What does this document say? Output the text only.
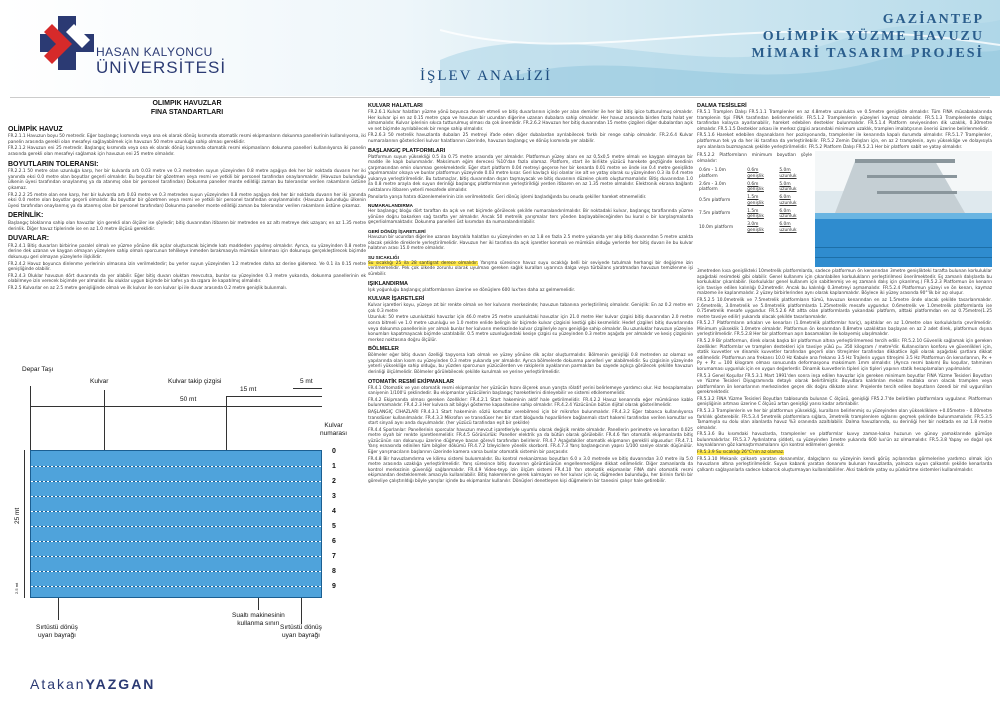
HASAN KALYONCU
ÜNİVERSİTESİ	İŞLEV ANALİZİ
GAZİANTEP
OLİMPİK YÜZME HAVUZU
MİMARİ TASARIM PROJESİ
OLİMPİK HAVUZLAR
FINA STANDARTLARI
OLİMPİK HAVUZ
FR.2.1.1 Havuzun boyu 50 metredir. Eğer başlangıç kısmında veya ona ek olarak dönüş kısmında otomatik resmi ekipmanların dokunma panellerinin kullanılıyorsa, iki panelin arasında gerekli olan mesafeyi sağlayabilmek için havuzun 50 metre uzunluğa sahip olması gereklidir.
FR.2.1.2 Havuzun eni 25 metredir. Başlangıç kısmında veya ona ek olarak dönüş kısmında otomatik resmi ekipmanların dokunma panelleri kullanılıyorsa iki panelin arasında gerekli olan mesafeyi sağlamak için havuzun eni 25 metre olmalıdır.
BOYUTLARIN TOLERANSI:
FR.2.2.1 50 metre olan uzunluğa karşı, her bir kulvarda artı 0.03 metre ve 0.3 metreden suyun yüzeyinden 0.8 metre aşağıya dek her bir noktada duvarın her iki yanında eksi 0.0 metre olan boyutlar geçerli olmalıdır. Bu boyutlar bir gözetmen veya resmi ve yetkili bir personel tarafından onaylanmalıdır. (Havuzun bulunduğu ülkenin üyesi tarafından onaylanmış ya da atanmış olan bir personel tarafından) Dokunma paneller monte edildiği zaman bu toleranslar verilen rakamların üstüne çıkamaz.
FR.2.2.2 25 metre olan ene karşı, her bir kulvarda artı 0.03 metre ve 0.3 metreden suyun yüzeyinden 0.8 metre aşağıya dek her bir noktada duvarın her iki yanında eksi 0.0 metre olan boyutlar geçerli olmalıdır. Bu boyutlar bir gözetmen veya resmi ve yetkili bir personel tarafından onaylanmalıdır. (Havuzun bulunduğu ülkenin üyesi tarafından onaylanmış ya da atanmış olan bir personel tarafından) Dokunma paneller monte edildiği zaman bu toleranslar verilen rakamların üstüne çıkamaz.
DERİNLİK:
Başlangıç bloklarına sahip olan havuzlar için gerekli olan ölçüler ise şöyledir; bitiş duvarından itibaren bir metreden en az altı metreye dek uzayan; en az 1.35 metre derinlik. Diğer havuz tiplerinde ise en az 1.0 metre ölçüsü gereklidir.
DUVARLAR:
FR.2.4.1 Bitiş duvarları birbirine paralel olmalı ve yüzme yönüne dik açılar oluşturacak biçimde katı maddeden yapılmış olmalıdır. Ayrıca, su yüzeyinden 0.8 metre derine dek uzanan ve kaygan olmayan yüzeylere sahip olmalı sporcunun tehlikeye inmeden bırakmasıyla mümkün kılınması için dokunuşu gerçekleştirecek biçimde dokunuşu geri olmayan yüzeylerle ilişkilidir.
FR.2.4.2 Havuz boyunca dinlenme yerlerinin olmasına izin verilmektedir; bu yerler suyun yüzeyinden 1.2 metreden daha az derine gidemez. Ve 0.1 ila 0.15 metre genişliğinde olabilir.
FR.2.4.3 Oluklar havuzun dört duvarında da yer alabilir. Eğer bitiş duvarı oluktan mevcutsa, bunlar su yüzeyinden 0.3 metre yukarıda, dokunma panellerinin ek olabilmeye izin verecek biçimde yer almalıdır. Bu oluklar uygun biçimde bir kafes ya da ızgara ile kapatılmış olmalıdır.
FR.2.5 Kulvarlar en az 2.5 metre genişliğinde olmalı ve ilk kulvar ile son kulvar ipi ile duvar arasında 0.2 metre genişlik bulunmalı.
Depar Taşı
Kulvar	Kulvar takip çizgisi
50 mt
15 mt
5 mt
Kulvar
numarası
25 mt
2.5 mt
0
1
2
3
4
5
6
7
8
9
Sırtüstü dönüş
uyarı bayrağı
Sualtı makinesinin
kullanma sınırı
Sırtüstü dönüş
uyarı bayrağı
KULVAR HALATLARI
FR.2.6.1 Kulvar halatları yüzme yönü boyunca devam etmeli ve bitiş duvarlarının içinde yer alan demirler ile her bir bitiş ipice tutturulmuş olmalıdır. Her kulvar ipi en az 0.15 metre çapa ve havuzun bir ucundan diğerine uzanan dubalara sahip olmalıdır. Her havuz arasında birden fazla halat yer almamalıdır. Kulvar iplerinin sıkıca tutturulmuş olması da çok önemlidir. FR.2.6.2 Havuzun her bitiş duvarından 15 metre çizgileri diğer dubalardan açık ve net biçimde ayrılabilecek bir renge sahip olmalıdır.
FR.2.6.3 50 metrelik havuzlarda dubaları 25 metreyi ifade eden diğer dubalardan ayrılabilecek farklı bir renge sahip olmalıdır. FR.2.6.4 Kulvar numaralarının göstericileri kulvar halatlarının üzerinde, havuzun başlangıç ve dönüş kısmında yer alabilir.
BAŞLANGIÇ PLATFORMLARI
Platformun suyun yüksekliği 0.5 ila 0.75 metre arasında yer almalıdır. Platformun yüzey alanı en az 0,5x0,5 metre olmalı ve kaygan olmayan bir madde ile kaplı bulunmalıdır. Maksimum eğim derecesi %10'dan fazla olamaz. Platform, start ile birlikte yüzücü harekete geçtiğinde kendinin çarpmasından emin olunması gerekmektedir. Eğer start platform 0.04 metreyi geçerse her bir kenarda 0.01 metre ve önde ise 0.4 metre genişlikte yapılmamalar olsaya ve bunlar platformun yüzeyinde 0.03 metre kısar. Geri kavlaçlı kişi olanlar ise alt ve yatay olarak su yüzeyinden 0.3 ila 0.4 metre yukarıya yerleştirilmelidir. Bu tutamaçlar, bitiş duvarından dışarı taşmayacak ve bitiş duvarının düzeine çıkıntı oluşturmamalıdır. Bitiş duvarından 1.0 ila 0.8 metre arayla dek suyun derinliği başlangıç platformlarının yerleştirildiği yerden itibaren en az 1.35 metre olmalıdır. Elektronik ekrana bağlantı noktalarını itibaren yeterli mesafede olmalıdır.
Panolarla yarışa hatıra düzenlemelerinin izin verilmektedir. Geri dönüş işlemi başladığında bu onuda şekiller hareket etmemelidir.
NUMARALANDIRMA
Her başlangıç bloğu dört taraftan da açık ve net biçimde görülecek şekilde numaralandırılmalıdır. Bir noktadaki kulvar, başlangıç taraflarında yüzme yönüne doğru bakarken sağ tarafta yer almalıdır. Ancak 50 metrelik yarışmalar ters yönden başlayabileceğinden bu kural o bir karşılaşmalarda geçerliolmamaktadır. Dokunma panelleri üst kısımdan da numaralandırılabilir.
GERİ DÖNÜŞ İŞARETLERİ
Havuzun bir ucundan diğerine uzanan bayrakla halatları su yüzeyinden en az 1.8 en fazla 2.5 metre yukarıda yer alıp bitiş duvarından 5 metre uzakta olacak şekilde direklerle yerleştirilmelidir. Havuzun her iki tarafına da açık işaretler konmalı ve mümkün olduğu yerlerde her bitiş duvarı ile bu kulvar halatının arası 15.0 metre olmalıdır.
SU SICAKLIĞI
Su sıcaklığı 25 ila 28 santigrat derece olmalıdır. Yarışma süresince havuz suyu sıcaklığı belli bir seviyede tutulmalı herhangi bir değişime izin verilmemelidir. Pek çok ülkede zorunlu olarak uyulması gereken sağlık kuralları uyarınca dalga veya türbülans yaratmadan havuzun temizlenme işi sürebilir.
IŞIKLANDIRMA
Işık yoğunluğu başlangıç platformlarının üzerine ve dönüşlere 600 lux'ten daha az gelmemelidir.
KULVAR İŞARETLERİ
Kulvar işaretleri koyu, yüzeye zıt bir renkte olmalı ve her kulvarın merkezinde; havuzun tabanına yerleştirilmiş olmalıdır. Genişlik: En az 0.2 metre en çok 0.3 metre
Uzunluk: 50 metre uzunluktaki havuzlar için 46.0 metre 25 metre uzunluktaki havuzlar için 21.0 metre Her kulvar çizgisi bitiş duvarından 2.0 metre sonra bitmeli ve 1.0 metre uzunluğu ve 1.0 metre enlide belirgin bir biçimde kulvar çizgisini kestiği gibi kesmelidir. Hedef çizgileri bitiş duvarlarında veya dokunma panellerinin yer almalı bunlar her kulvarın merkezinde kulvar çizgileriyle aynı genişliğe sahip olmalıdır. Bu uzunluklar havuzun yüzeyine konumları kapatmayacak biçimde uzatılabilir. 0.5 metre uzunluğundaki kesişe çizgisi su yüzeyinden 0.3 metre aşağıda yer almalıdır ve kesiş çizgisinin merkez noktasına doğru ölçülür.
BÖLMELER
Bölmeler eğer bitiş duvarı özelliği taşıyorsa katı olmalı ve yüzey yönüne dik açılar oluşturmalıdır. Bölmenin genişliği 0.8 metreden az olamaz ve yapılarında olan kısım su yüzeyinden 0.3 metre yukarıda yer almalıdır. Ayrıca bölmelerde dokunma panelleri yer alabilmelidir. Su çizgisinin yüzeyinde yeterli yüksekliğe sahip olduğu, bu yüzden sporcunun yüzücülerden ve rakiplerin ayaklarının parmakları bu sayede açıkça görülecek şekilde havuzun derinliği ölçülmelidir. Bölmeler görülebilecek şekilde kurulmalı ve yerine yerleştirilmelidir.
OTOMATİK RESMİ EKİPMANLAR
FR.4.1 Otomatik ve yarı otomatik resmi ekipmanlar her yüzücün hızını ölçerek onun yarışta rölatif yerini belirlemeye yardımcı olur. Hız hesaplamaları saniyenin 1/100'ü şeklindedir. Bu ekipmanlar yüzücülerin başlangıç hareketlerini dinleyebilir ve sistemi etkilememelidir.
FR.4.2 Ekipmanda olması gereken özellikler: FR.4.2.1 Start hakeminin aktif hale getirilmelidir. FR.4.2.2 Havuz kenarında eğer mümkünse kablo bulunmamalıdır. FR.4.2.3 Her kulvara ait bilgiyi gösterme kapasitesine sahip olmalıdır. FR.4.2.4 Yüzücünün bütün dijital olarak gösterilmelidir.
BAŞLANGIÇ CİHAZLARI FR.4.3.1 Start hakeminin sözlü komutlar verebilmesi için bir mikrofon bulunmalıdır. FR.4.3.2 Eğer tabanca kullanılıyorsa transdüser kullanılmalıdır. FR.4.3.3 Mikrofon ve transdüser her bir start bloğunda hoparlörlere bağlanmalı start hakemi tarafından verilen komutlar ve start sinyali aynı anda duyulmalıdır. (her yüzücü tarafından eşit bir şekilde)
FR.4.4 Sporlanlar: Panellerinin sporcular havuzun mevcut işaretleriyle uyumlu olarak değişik renkte olmalıdır. Panellerin perimetre ve kenarları 0.025 metre siyah bir renkte işaretlenmelidir. FR.4.5 Görünürlük: Paneller elektrik ya da bütün olarak görülebilir. FR.4.6 Yarı otomatik ekipmanlarda bitiş yüzücünün son dokunuşu üzerine düğmeye basan görevli tarafından belirlenir. FR.4.7 Aşağıdakiler otomatik ekipmanın gereklili olgusudur: FR.4.7.1 Yarış esnasında edinilen tüm bilgiler dökümü FR.4.7.2 İzleyicilere yönelik skorbord. FR.4.7.3 Yarış başlangıcının yapısı 1/100 saniye olarak düşünülür. Eğer yarışmacıların başlarının üzerinde kamera varsa bunlar otomatik sistemin bir parçasıdır.
FR.4.8 Bir havuzlamdırma ve kilimu sistemi bulunmalıdır. Bu kontrol mekanizması boyutları 6.0 x 3.0 metrede ve bitiş duvarından 3.0 metre ila 5.0 metre arasında uzaklığa yerleştirilmelidir. Yarış süresince bitiş duvarının görüntüsünün engellenmediğine dikkat edilmelidir. Diğer zamanlarda da kontrol merkezinin güvenliği sağlanmalıdır. FR.4.9 Video-teyp izin ölçüm sistemi FR.4.10 Yarı otomatik ekipmanlar FINA dahi otomatik resmi ekipmandan desteklenmek amacıyla kullanılabilir. Bitiş hakemlerine gerek kalmayan ve her kulvar için üç düğmeden bulunduğu, her birinin farklı bir görevliye çalıştırıldığı böyle yarışlar içinde bu ekipmanlar kullanılır. Dönüşleri denetleyen kişi düğmelerin bir tanesini çalışır hale getirebilir.
DALMA TESİSLERİ
FR.5.1 Tramplen Dalışı FR.5.1.1 Tramplenler en az 4.8metre uzunlukta ve 0.5metre genişlikte olmalıdır. Tüm FINA müsabakalarında tramplenin tipi FINA tarafından belirlenmelidir. FR.5.1.2 Tramplenlerin yüzeyleri kaymaz olmalıdır. FR.5.1.3 Tramplenlerde dalgıç tarafından kolayca ayarlanabilir, hareket edebilen destekler bulunmalıdır. FR.5.1.4 Platform seviyesinden dik uzaklık, 0.30metre olmalıdır. FR.5.1.5 Destekler arkası ile merkez çizgisi arasındaki minimum uzaklık, tramplen imalatçısının önerisi üzerine belirlenmelidir.
FR.5.1.6 Hareket edebilen dayanakların her pozisyonunda, tramplenler ile kenarında kapalı durumda olmalıdır. FR.5.1.7 Tramplenler, platformun tek ya da her iki tarafına da yerleştirilebilir. FR.5.2 Zemin Dalışları için, en az 2 tramplenin, aynı yüksekliğe ve dolayısıyla aynı alanlara buzmayacak şekilde yerleştirilmelidir. FR.5.2 Platform Dalışı FR.5.2.1 Her bir platform sabit ve yatay olmalıdır.
FR.5.2.2 Platformların minimum boyutları şöyle olmalıdır:
0.6m - 1.0m platform	0.6m genişlik	5.0m uzunluk
2.6m - 3.0m platform	0.6m genişlik	5.0m uzunluk
0.5m platform	1.5m genişlik	6.0m uzunluk
7.5m platform	1.5m genişlik	6.0m uzunluk
10.0m platform	3.0m genişlik	6.0m uzunluk
3metreden kısa genişlikteki 10metrelik platformlarda, sadece platformun ön kenarından 3metre genişlikteki tarafta bulunan korkuluklar aşağıdaki resimdeki gibi olabilir. Genel kullanımı için çıkarılabilen korkulukların yerleştirilmesi önerilmektedir. Eş zamanlı dalışlarda bu korkuluklar çıkarılabilir. (korkuluklar genel kullanım için sabitlenmiş ve eş zamanlı dalış için çıkarılmış.) FR.5.2.3 Platformun ön kenarın için tavsiye edilen kalınlığı 0.2metredir. Ancak bu kalınlığı 0.3metreyi aşmamalıdır. FR.5.2.4 Platformun yüzeyi ve ön kenarı, kaymaz malzeme ile kaplanmalıdır. 2 yüzey birbirlerinden aynı olarak kaplanmalıdır. Böylece iki yüzey arasında 90°'lik bir açı oluşur.
FR.5.2.5 10.0metrelik ve 7.5metrelik platformların tümü, havuzun kenarından en az 1.5metre önde olacak şekilde tasarlanmalıdır. 2.6metrelik, 3.0metrelik ve 5.0metrelik platformlarda 1.25metrelik mesafe uygundur. 0.6metrelik ve 1.0metrelik platformlarda ise 0.75metrelik mesafe uygundur. FR.5.2.6 Alt altta olan platformlarda yukarıdaki platform, alttaki platformdan en az 0.75metre(1.25 metre tavsiye edilir) yukarıda olacak şekilde tasarlanmalıdır.
FR.5.2.7 Platformların arkaları ve kenarları (1.0metrelik platformlar hariç), aşıktıklar en az 1.0metre olan korkuluklarla çevrilmelidir. Minimum yükseklik 1.0metre olmalıdır. Platformun ön kenarından 0.8metre uzaklıktan başlayan en az 2 adet direk, platformun dışına yerleştirilmelidir. FR.5.2.8 Her bir platformun aşırı basamakları ile kolayemiş ulaşılmalıdır.
FR.5.2.9 Bir platformun, direk olarak başka bir platformun altına yerleştirilmemesi tercih edilir. FR.5.2.10 Güvenlik sağlamak için gereken özellikler: Platformlar ve tramplen destekleri için tavsiye yükü p= 350 kilogram / metre²dir. Kullanıcıların konforu ve güvenlikleri için, statik kuvvetler ve dinamik kuvvetler tarafından geçerli olan titreşimler tarafından dikkatlice ilgili olarak aşağıdaki şartlara dikkat edilmelidir. Platformun ana frekansı 10.0 Hz Kabule ana frekansı 3.5 Hz Trajlerin uygun titreşimi 3.5 Hz Platformun ön kenarlarının, Px + Py + Pz = 100 kilogram olması sonucunda deformasyonu maksimum 1mm olmalıdır. (Ayrıca resmi bakım) Bu koşullar, tahminen korumaması uygunluk için en uygun değerlerdir. Dinamik kuvvetlerin tipleri için tipleri yapının statik hesaplamaları yapılmalıdır.
FR.5.3 Genel Koşullar FR.5.3.1 Mart 1991'den sonra inşa edilen havuzlar için gereken minimum boyutlar FINA Yüzme Tesisleri Boyutları ve Yüzme Tesisleri Diyagramında detaylı olarak belirtilmiştir. Boyutlara kaldırılan mekan mutlaka sınırı olacak tramplen veya platformların ön kenarlarının merkezinden geçen dik doğru dikkate alınır. Projelerde tercih edilen boyutların özendi bir mil uygun/ilan gerekmektedir.
FR.5.3.2 FINA Yüzme Tesisleri Boyutları tablosunda bulunan C ölçüsü, genişliği FR5.2.7'de belirtilen platformlara uygulanır. Platformun genişliğinin artması üzerine C ölçüsü artan genişliği yarısı kadar artırılabilir.
FR.5.3.3 Tramplenlerin ve her bir platformun yüksekliği, kuralların belirlenmiş su yüzeyinden olan yüksekliklere +0.05metre - 0.00metre farklılık gösterebilir. FR.5.3.4 5metrelik platformlara sığlara, 3metrelik tramplenlere sığlarını geçmek şeklinde bulunmamalıdır. FR.5.3.5 Tamamıyla su dolu olan alanlarda havuz %3 oranında azaltılabilir. Dalma havuzlarında, su derinliği her bir noktada en az 1.8 metre olmalıdır.
FR.5.3.6 Bu kısımdaki havuzlarda, tramplenler ve platformlar kuvvy zaman-kalsa huzurun ve günoy yamaklarınde gümüşe bulunmalıdırlar. FR.5.3.7 Aydınlatma şiddeti, su yüzeyinden 1metre yukarıda 600 lux'ün az olmamalıdır. FR.5.3.8 Yapay ve doğal ışık kaynaklarının göz kamaştırmamalarını için kontrol edilmeleri gerekir.
FR.5.3.9 Su sıcaklığı 26°C'nin az olamaz.
FR.5.3.10 Mekanik çalkantı yaratan donanımlar, dalgıçların su yüzeyinin kendi görüş açılarından görmelerine yardımcı olmak için havuzların altına yerleştirilmelidir. Suyun kabarık yaratan donanımı bulunan havuzlarda, yalnızca suyun çalkantılı şekilde kenarlarda çalkantı sağlayanlarla sadece kabarcık oluşturmayan kullanılabilirler. Aksi takdirde yatay su püskürtme sistemleri kullanılmalıdır.
AtakanYAZGAN
